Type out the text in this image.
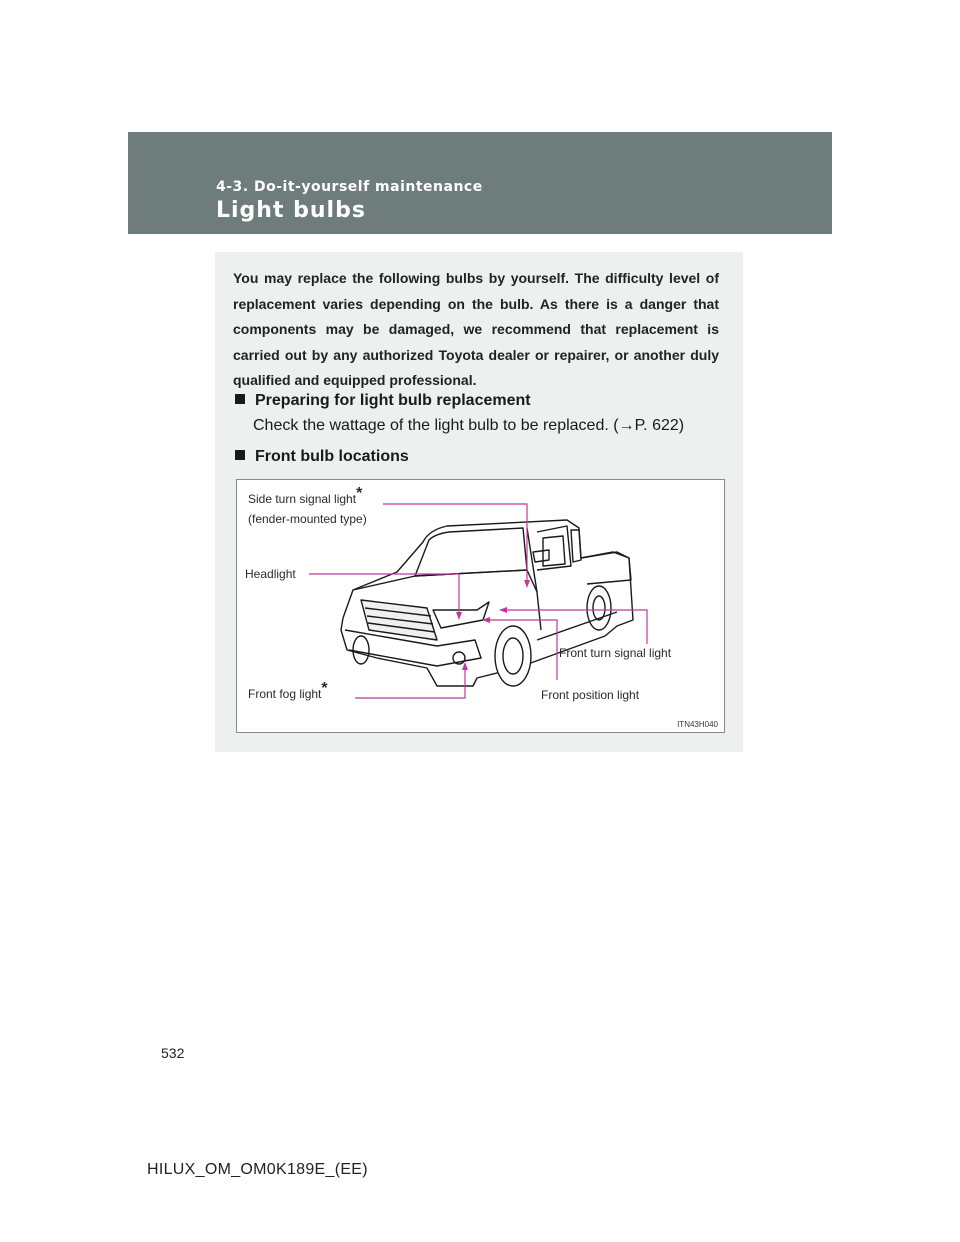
4-3. Do-it-yourself maintenance
Light bulbs
You may replace the following bulbs by yourself. The difficulty level of replacement varies depending on the bulb. As there is a danger that components may be damaged, we recommend that replacement is carried out by any authorized Toyota dealer or repairer, or another duly qualified and equipped professional.
Preparing for light bulb replacement
Check the wattage of the light bulb to be replaced. (→P. 622)
Front bulb locations
Side turn signal light*
(fender-mounted type)
Headlight
Front turn signal light
Front fog light*	Front position light
ITN43H040
532
HILUX_OM_OM0K189E_(EE)
